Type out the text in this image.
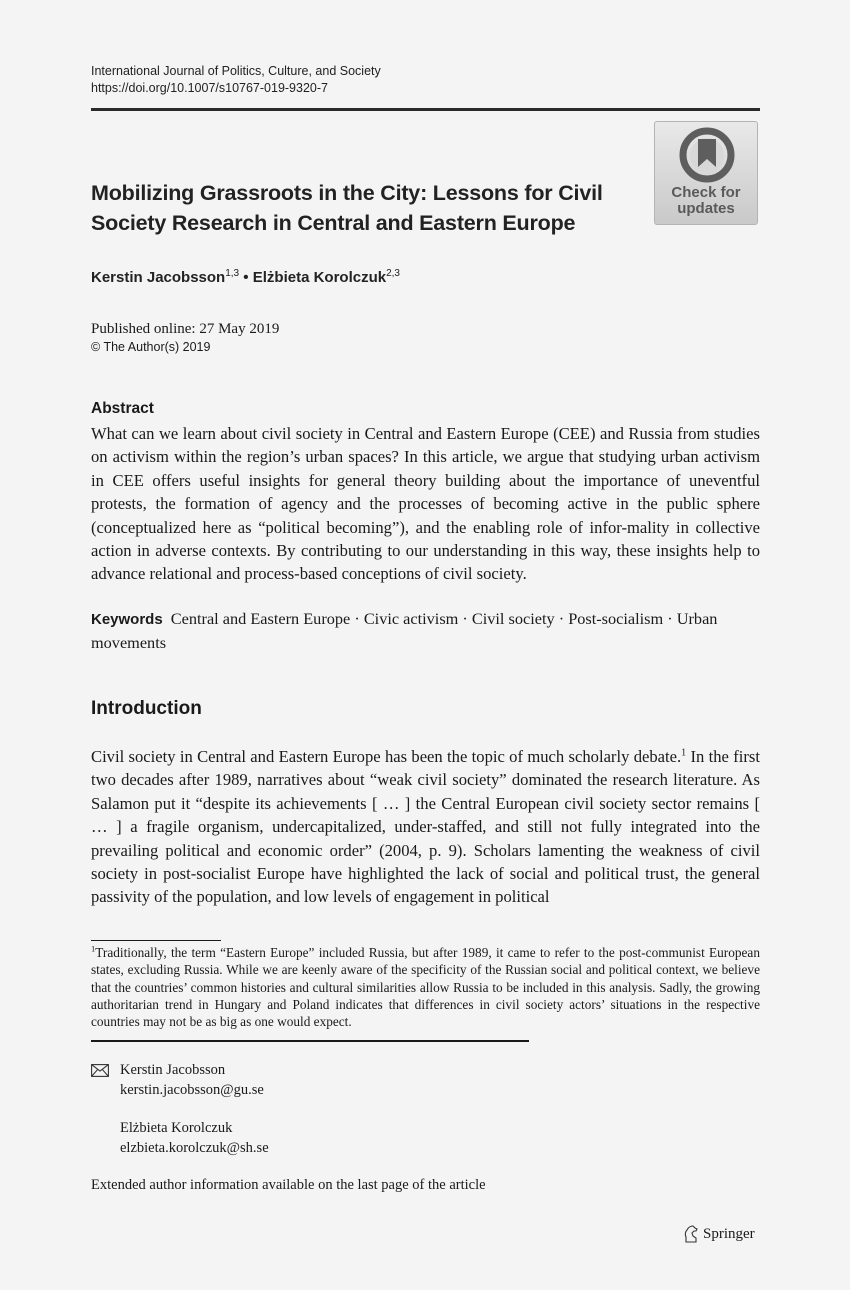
International Journal of Politics, Culture, and Society
https://doi.org/10.1007/s10767-019-9320-7
Check for
updates
Mobilizing Grassroots in the City: Lessons for Civil Society Research in Central and Eastern Europe
Kerstin Jacobsson$^{1,3}$ • Elżbieta Korolczuk$^{2,3}$
Published online: 27 May 2019
© The Author(s) 2019
Abstract
What can we learn about civil society in Central and Eastern Europe (CEE) and Russia from studies on activism within the region’s urban spaces? In this article, we argue that studying urban activism in CEE offers useful insights for general theory building about the importance of uneventful protests, the formation of agency and the processes of becoming active in the public sphere (conceptualized here as “political becoming”), and the enabling role of infor-mality in collective action in adverse contexts. By contributing to our understanding in this way, these insights help to advance relational and process-based conceptions of civil society.
Keywords Central and Eastern Europe · Civic activism · Civil society · Post-socialism · Urban movements
Introduction
Civil society in Central and Eastern Europe has been the topic of much scholarly debate.$^1$ In the first two decades after 1989, narratives about “weak civil society” dominated the research literature. As Salamon put it “despite its achievements [ … ] the Central European civil society sector remains [ … ] a fragile organism, undercapitalized, under-staffed, and still not fully integrated into the prevailing political and economic order” (2004, p. 9). Scholars lamenting the weakness of civil society in post-socialist Europe have highlighted the lack of social and political trust, the general passivity of the population, and low levels of engagement in political
$^1$Traditionally, the term “Eastern Europe” included Russia, but after 1989, it came to refer to the post-communist European states, excluding Russia. While we are keenly aware of the specificity of the Russian social and political context, we believe that the countries’ common histories and cultural similarities allow Russia to be included in this analysis. Sadly, the growing authoritarian trend in Hungary and Poland indicates that differences in civil society actors’ situations in the respective countries may not be as big as one would expect.
Kerstin Jacobsson
kerstin.jacobsson@gu.se
Elżbieta Korolczuk
elzbieta.korolczuk@sh.se
Extended author information available on the last page of the article
Springer
